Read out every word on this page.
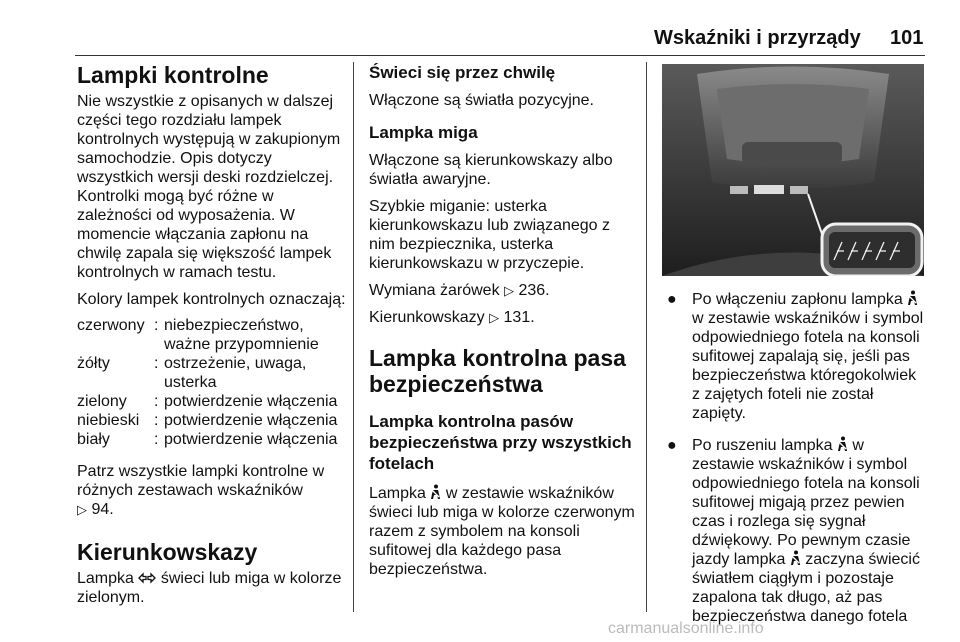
Wskaźniki i przyrządy 101
Lampki kontrolne

Nie wszystkie z opisanych w dalszej części tego rozdziału lampek kontrolnych występują w zakupionym samochodzie. Opis dotyczy wszystkich wersji deski rozdzielczej. Kontrolki mogą być różne w zależności od wyposażenia. W momencie włączania zapłonu na chwilę zapala się większość lampek kontrolnych w ramach testu.

Kolory lampek kontrolnych oznaczają:

czerwony	:	niebezpieczeństwo, ważne przypomnienie
żółty	:	ostrzeżenie, uwaga, usterka
zielony	:	potwierdzenie włączenia
niebieski	:	potwierdzenie włączenia
biały	:	potwierdzenie włączenia

Patrz wszystkie lampki kontrolne w różnych zestawach wskaźników
▷ 94.

Kierunkowskazy

Lampka świeci lub miga w kolorze zielonym.

Świeci się przez chwilę

Włączone są światła pozycyjne.

Lampka miga

Włączone są kierunkowskazy albo światła awaryjne.

Szybkie miganie: usterka kierunkowskazu lub związanego z nim bezpiecznika, usterka kierunkowskazu w przyczepie.

Wymiana żarówek ▷ 236.

Kierunkowskazy ▷ 131.

Lampka kontrolna pasa bezpieczeństwa
Lampka kontrolna pasów bezpieczeństwa przy wszystkich fotelach

Lampka w zestawie wskaźników świeci lub miga w kolorze czerwonym razem z symbolem na konsoli sufitowej dla każdego pasa bezpieczeństwa.

● Po włączeniu zapłonu lampka  w zestawie wskaźników i symbol odpowiedniego fotela na konsoli sufitowej zapalają się, jeśli pas bezpieczeństwa któregokolwiek z zajętych foteli nie został zapięty.
● Po ruszeniu lampka w zestawie wskaźników i symbol odpowiedniego fotela na konsoli sufitowej migają przez pewien czas i rozlega się sygnał dźwiękowy. Po pewnym czasie jazdy lampka zaczyna świecić światłem ciągłym i pozostaje zapalona tak długo, aż pas bezpieczeństwa danego fotela
carmanualsonline.info
